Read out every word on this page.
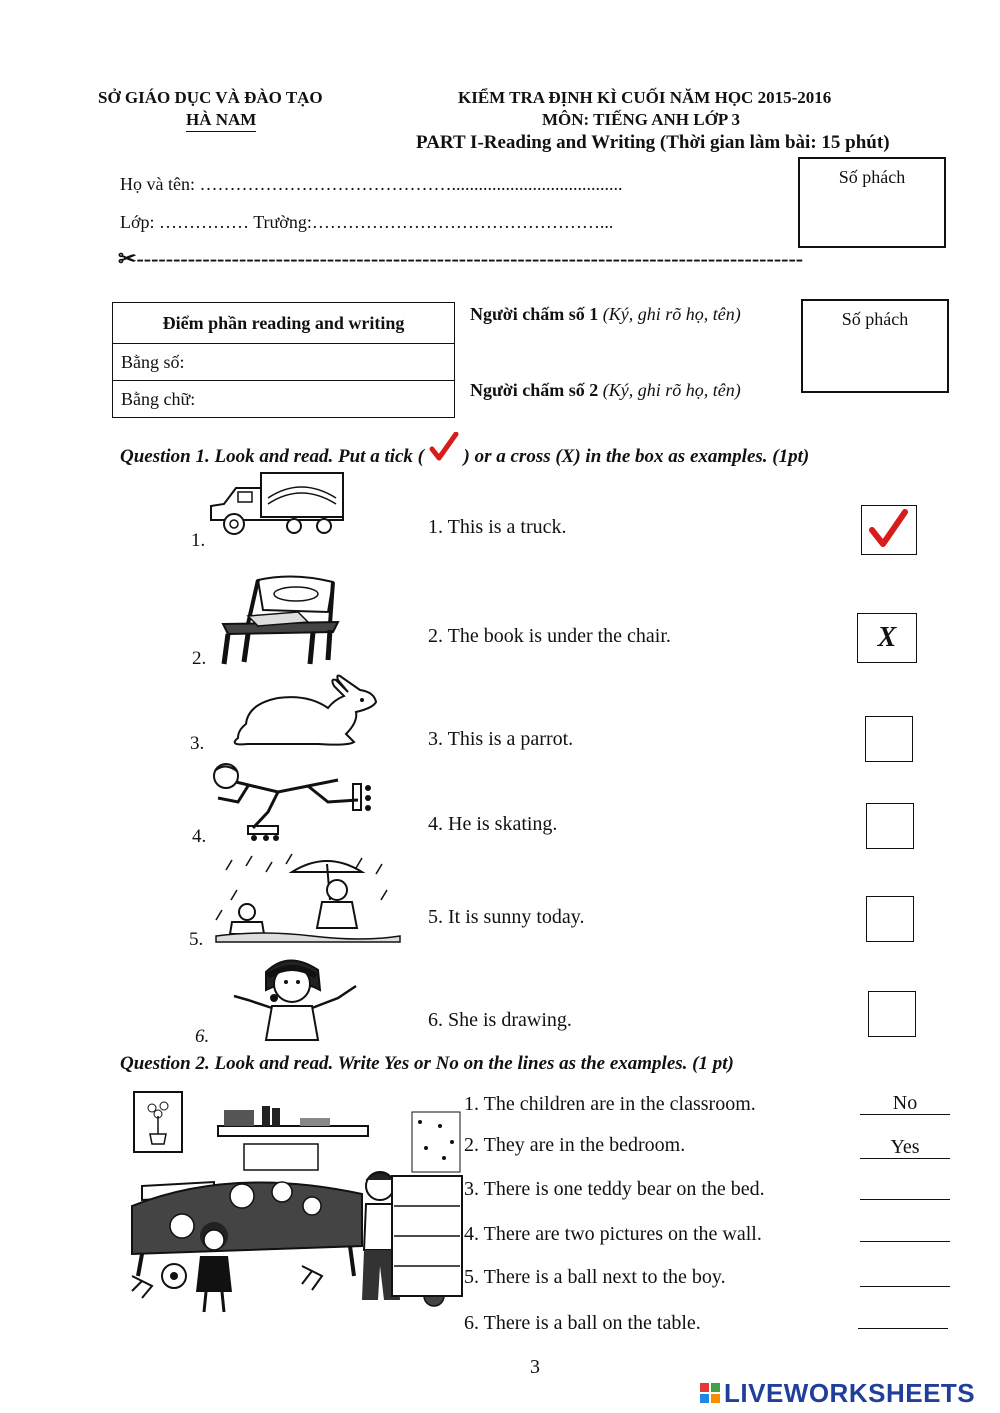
SỞ GIÁO DỤC VÀ ĐÀO TẠO
HÀ NAM
KIỂM TRA ĐỊNH KÌ CUỐI NĂM HỌC 2015-2016
MÔN: TIẾNG ANH LỚP 3
PART I-Reading and Writing (Thời gian làm bài: 15 phút)
Họ và tên: ……………………………………......................................
Lớp: …………… Trường:…………………………………………...
Số phách
✂-------------------------------------------------------------------------------------------
Điểm phần reading and writing
Bằng số:
Bằng chữ:
Người chấm số 1 (Ký, ghi rõ họ, tên)
Người chấm số 2 (Ký, ghi rõ họ, tên)
Số phách
Question 1. Look and read. Put a tick ( ) or a cross (X) in the box as examples. (1pt)
1.
1. This is a truck.
2.
2. The book is under the chair.	X
3.	3. This is a parrot.
4.
4. He is skating.
5.
5. It is sunny today.
6.
6. She is drawing.
Question 2. Look and read. Write Yes or No on the lines as the examples. (1 pt)
1. The children are in the classroom.	No
2. They are in the bedroom.	Yes
3. There is one teddy bear on the bed.
4. There are two pictures on the wall.
5. There is a ball next to the boy.
6. There is a ball on the table.
3
LIVEWORKSHEETS
